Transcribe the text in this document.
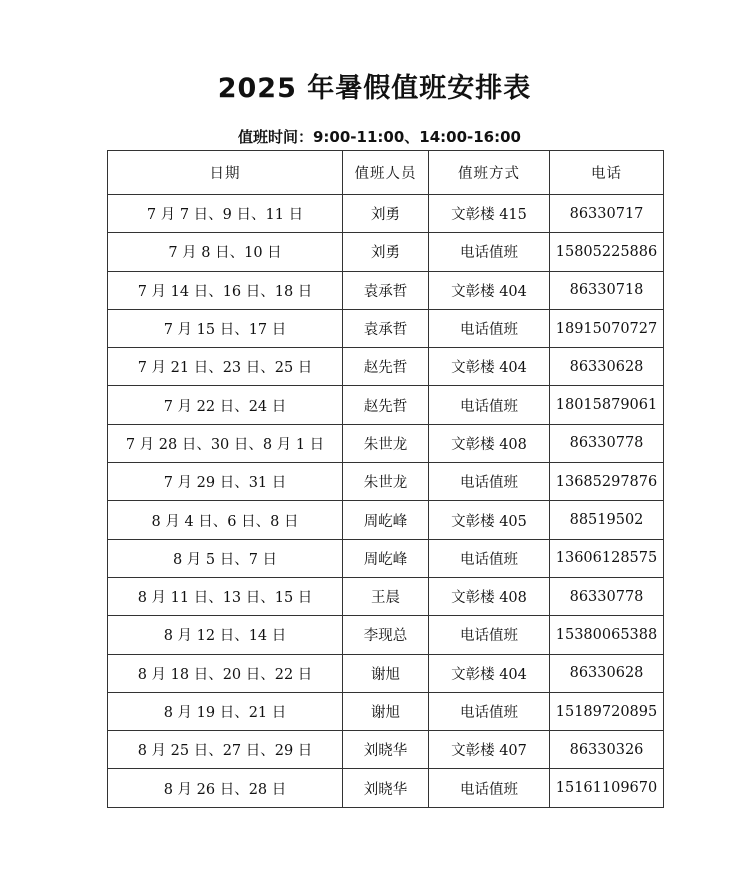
2025 年暑假值班安排表
值班时间：9:00-11:00、14:00-16:00
日期	值班人员	值班方式	电话
7 月 7 日、9 日、11 日	刘勇	文彰楼 415	86330717
7 月 8 日、10 日	刘勇	电话值班	15805225886
7 月 14 日、16 日、18 日	袁承哲	文彰楼 404	86330718
7 月 15 日、17 日	袁承哲	电话值班	18915070727
7 月 21 日、23 日、25 日	赵先哲	文彰楼 404	86330628
7 月 22 日、24 日	赵先哲	电话值班	18015879061
7 月 28 日、30 日、8 月 1 日	朱世龙	文彰楼 408	86330778
7 月 29 日、31 日	朱世龙	电话值班	13685297876
8 月 4 日、6 日、8 日	周屹峰	文彰楼 405	88519502
8 月 5 日、7 日	周屹峰	电话值班	13606128575
8 月 11 日、13 日、15 日	王晨	文彰楼 408	86330778
8 月 12 日、14 日	李现总	电话值班	15380065388
8 月 18 日、20 日、22 日	谢旭	文彰楼 404	86330628
8 月 19 日、21 日	谢旭	电话值班	15189720895
8 月 25 日、27 日、29 日	刘晓华	文彰楼 407	86330326
8 月 26 日、28 日	刘晓华	电话值班	15161109670
